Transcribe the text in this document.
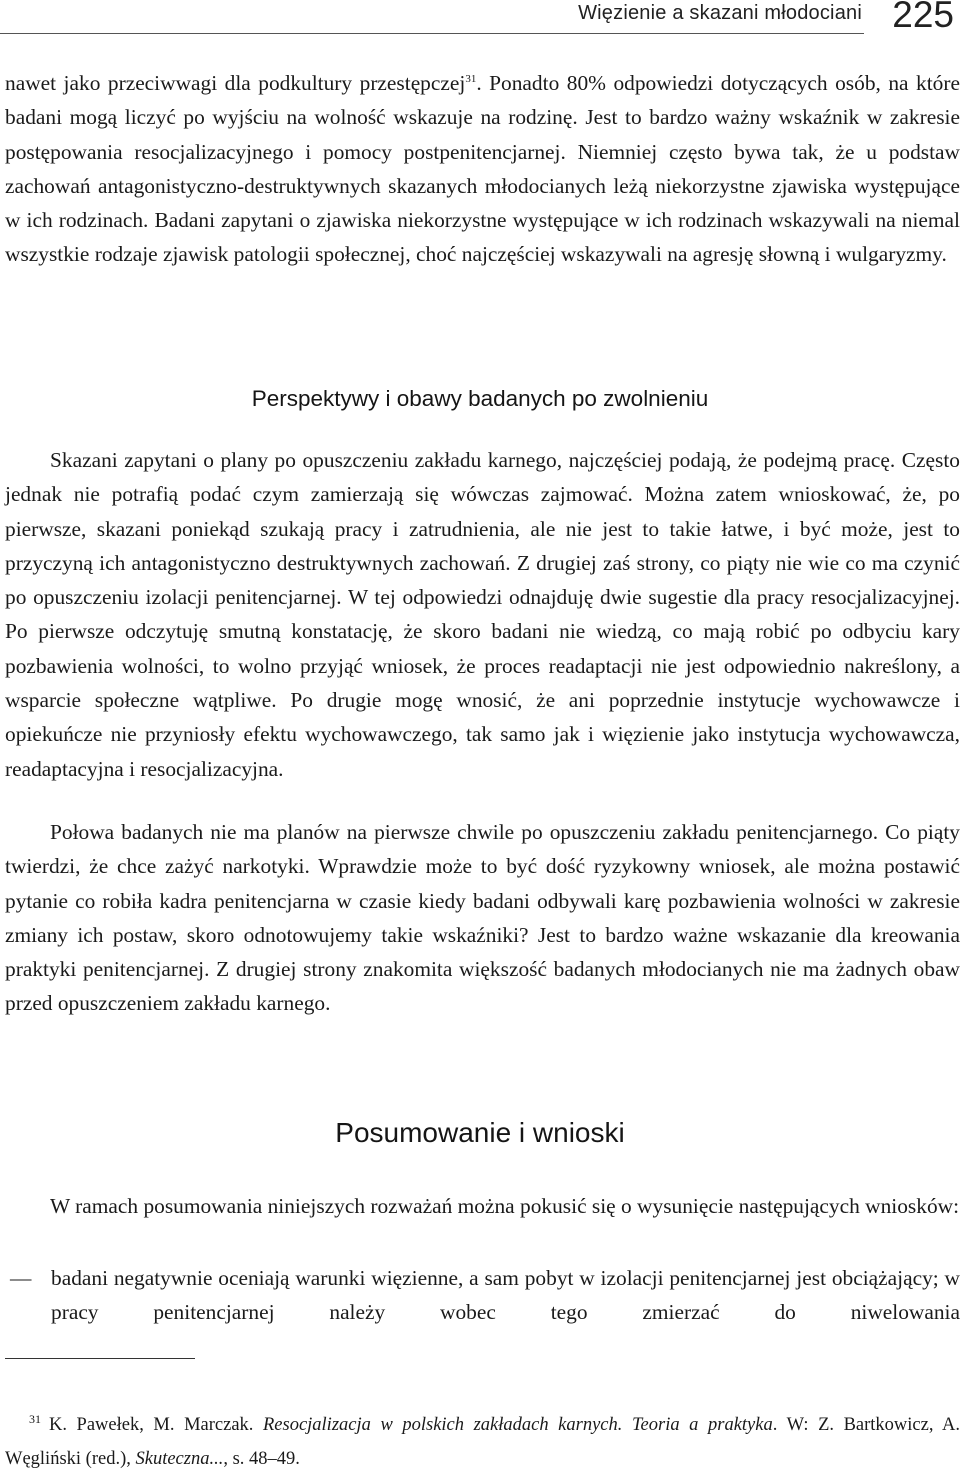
Więzienie a skazani młodociani 225

nawet jako przeciwwagi dla podkultury przestępczej$^{31}$. Ponadto 80% odpowiedzi dotyczących osób, na które badani mogą liczyć po wyjściu na wolność wskazuje na rodzinę. Jest to bardzo ważny wskaźnik w zakresie postępowania resocjalizacyjnego i pomocy postpenitencjarnej. Niemniej często bywa tak, że u podstaw zachowań antagonistyczno-destruktywnych skazanych młodocianych leżą niekorzystne zjawiska występujące w ich rodzinach. Badani zapytani o zjawiska niekorzystne występujące w ich rodzinach wskazywali na niemal wszystkie rodzaje zjawisk patologii społecznej, choć najczęściej wskazywali na agresję słowną i wulgaryzmy.

Perspektywy i obawy badanych po zwolnieniu

Skazani zapytani o plany po opuszczeniu zakładu karnego, najczęściej podają, że podejmą pracę. Często jednak nie potrafią podać czym zamierzają się wówczas zajmować. Można zatem wnioskować, że, po pierwsze, skazani poniekąd szukają pracy i zatrudnienia, ale nie jest to takie łatwe, i być może, jest to przyczyną ich antagonistyczno destruktywnych zachowań. Z drugiej zaś strony, co piąty nie wie co ma czynić po opuszczeniu izolacji penitencjarnej. W tej odpowiedzi odnajduję dwie sugestie dla pracy resocjalizacyjnej. Po pierwsze odczytuję smutną konstatację, że skoro badani nie wiedzą, co mają robić po odbyciu kary pozbawienia wolności, to wolno przyjąć wniosek, że proces readaptacji nie jest odpowiednio nakreślony, a wsparcie społeczne wątpliwe. Po drugie mogę wnosić, że ani poprzednie instytucje wychowawcze i opiekuńcze nie przyniosły efektu wychowawczego, tak samo jak i więzienie jako instytucja wychowawcza, readaptacyjna i resocjalizacyjna.

Połowa badanych nie ma planów na pierwsze chwile po opuszczeniu zakładu penitencjarnego. Co piąty twierdzi, że chce zażyć narkotyki. Wprawdzie może to być dość ryzykowny wniosek, ale można postawić pytanie co robiła kadra penitencjarna w czasie kiedy badani odbywali karę pozbawienia wolności w zakresie zmiany ich postaw, skoro odnotowujemy takie wskaźniki? Jest to bardzo ważne wskazanie dla kreowania praktyki penitencjarnej. Z drugiej strony znakomita większość badanych młodocianych nie ma żadnych obaw przed opuszczeniem zakładu karnego.

Posumowanie i wnioski

W ramach posumowania niniejszych rozważań można pokusić się o wysunięcie następujących wniosków:

— badani negatywnie oceniają warunki więzienne, a sam pobyt w izolacji penitencjarnej jest obciążający; w pracy penitencjarnej należy wobec tego zmierzać do niwelowania

$^{31}$ K. Pawełek, M. Marczak. Resocjalizacja w polskich zakładach karnych. Teoria a praktyka. W: Z. Bartkowicz, A. Węgliński (red.), Skuteczna..., s. 48–49.
